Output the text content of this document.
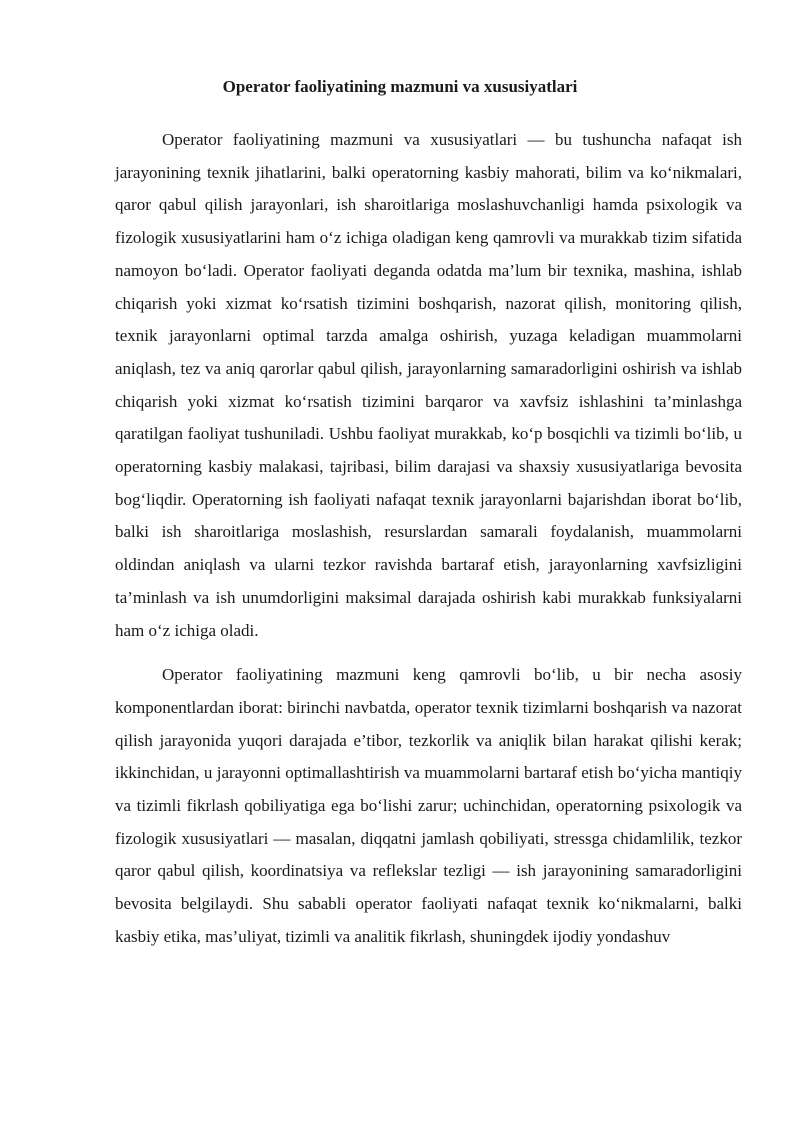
Operator faoliyatining mazmuni va xususiyatlari

Operator faoliyatining mazmuni va xususiyatlari — bu tushuncha nafaqat ish jarayonining texnik jihatlarini, balki operatorning kasbiy mahorati, bilim va ko‘nikmalari, qaror qabul qilish jarayonlari, ish sharoitlariga moslashuvchanligi hamda psixologik va fizologik xususiyatlarini ham o‘z ichiga oladigan keng qamrovli va murakkab tizim sifatida namoyon bo‘ladi. Operator faoliyati deganda odatda ma’lum bir texnika, mashina, ishlab chiqarish yoki xizmat ko‘rsatish tizimini boshqarish, nazorat qilish, monitoring qilish, texnik jarayonlarni optimal tarzda amalga oshirish, yuzaga keladigan muammolarni aniqlash, tez va aniq qarorlar qabul qilish, jarayonlarning samaradorligini oshirish va ishlab chiqarish yoki xizmat ko‘rsatish tizimini barqaror va xavfsiz ishlashini ta’minlashga qaratilgan faoliyat tushuniladi. Ushbu faoliyat murakkab, ko‘p bosqichli va tizimli bo‘lib, u operatorning kasbiy malakasi, tajribasi, bilim darajasi va shaxsiy xususiyatlariga bevosita bog‘liqdir. Operatorning ish faoliyati nafaqat texnik jarayonlarni bajarishdan iborat bo‘lib, balki ish sharoitlariga moslashish, resurslardan samarali foydalanish, muammolarni oldindan aniqlash va ularni tezkor ravishda bartaraf etish, jarayonlarning xavfsizligini ta’minlash va ish unumdorligini maksimal darajada oshirish kabi murakkab funksiyalarni ham o‘z ichiga oladi.

Operator faoliyatining mazmuni keng qamrovli bo‘lib, u bir necha asosiy komponentlardan iborat: birinchi navbatda, operator texnik tizimlarni boshqarish va nazorat qilish jarayonida yuqori darajada e’tibor, tezkorlik va aniqlik bilan harakat qilishi kerak; ikkinchidan, u jarayonni optimallashtirish va muammolarni bartaraf etish bo‘yicha mantiqiy va tizimli fikrlash qobiliyatiga ega bo‘lishi zarur; uchinchidan, operatorning psixologik va fizologik xususiyatlari — masalan, diqqatni jamlash qobiliyati, stressga chidamlilik, tezkor qaror qabul qilish, koordinatsiya va reflekslar tezligi — ish jarayonining samaradorligini bevosita belgilaydi. Shu sababli operator faoliyati nafaqat texnik ko‘nikmalarni, balki kasbiy etika, mas’uliyat, tizimli va analitik fikrlash, shuningdek ijodiy yondashuv
